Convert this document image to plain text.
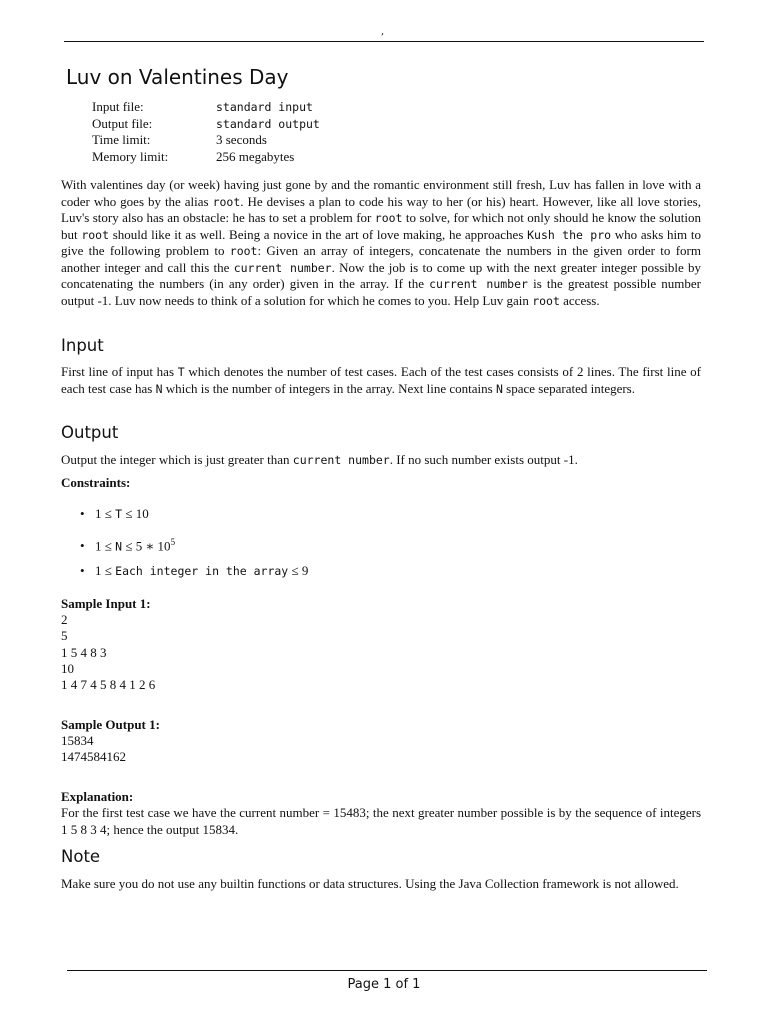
,
Luv on Valentines Day
Input file:	standard input
Output file:	standard output
Time limit:	3 seconds
Memory limit:	256 megabytes
With valentines day (or week) having just gone by and the romantic environment still fresh, Luv has fallen in love with a coder who goes by the alias root. He devises a plan to code his way to her (or his) heart. However, like all love stories, Luv's story also has an obstacle: he has to set a problem for root to solve, for which not only should he know the solution but root should like it as well. Being a novice in the art of love making, he approaches Kush the pro who asks him to give the following problem to root: Given an array of integers, concatenate the numbers in the given order to form another integer and call this the current number. Now the job is to come up with the next greater integer possible by concatenating the numbers (in any order) given in the array. If the current number is the greatest possible number output -1. Luv now needs to think of a solution for which he comes to you. Help Luv gain root access.
Input
First line of input has T which denotes the number of test cases. Each of the test cases consists of 2 lines. The first line of each test case has N which is the number of integers in the array. Next line contains N space separated integers.
Output
Output the integer which is just greater than current number. If no such number exists output -1.
Constraints:
• 1 ≤ T ≤ 10
• 1 ≤ N ≤ 5 ∗ $10^5$
• 1 ≤ Each integer in the array ≤ 9
Sample Input 1:
2
5
1 5 4 8 3
10
1 4 7 4 5 8 4 1 2 6
Sample Output 1:
15834
1474584162
Explanation:
For the first test case we have the current number = 15483; the next greater number possible is by the sequence of integers 1 5 8 3 4; hence the output 15834.
Note
Make sure you do not use any builtin functions or data structures. Using the Java Collection framework is not allowed.
Page 1 of 1
